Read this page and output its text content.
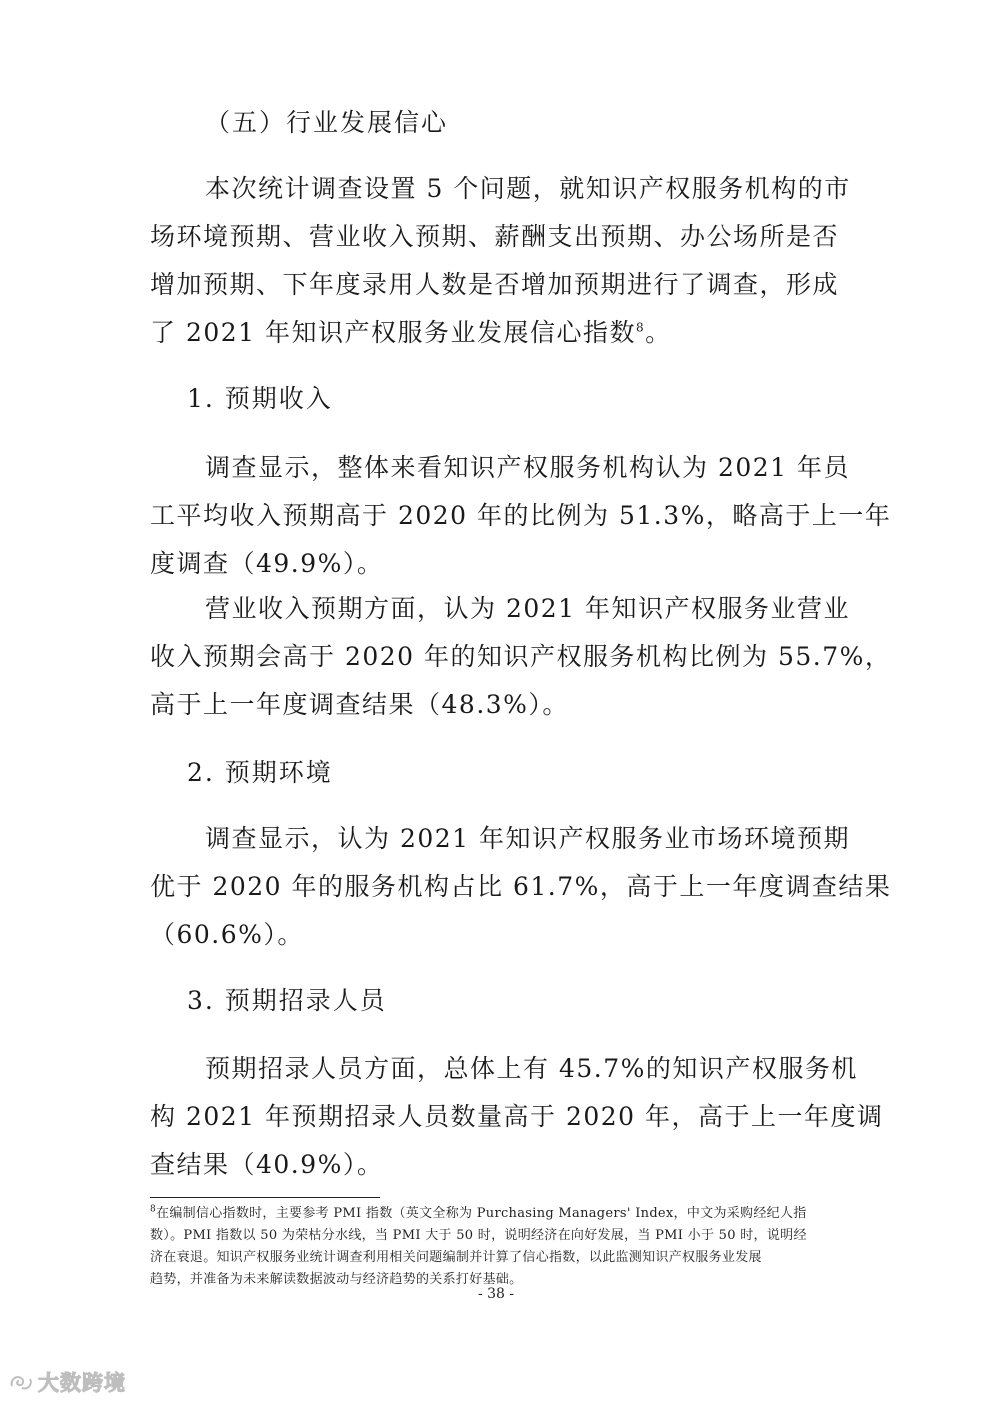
（五）行业发展信心
本次统计调查设置 5 个问题，就知识产权服务机构的市
场环境预期、营业收入预期、薪酬支出预期、办公场所是否
增加预期、下年度录用人数是否增加预期进行了调查，形成
了 2021 年知识产权服务业发展信心指数$^8$。
1. 预期收入
调查显示，整体来看知识产权服务机构认为 2021 年员
工平均收入预期高于 2020 年的比例为 51.3%，略高于上一年
度调查（49.9%）。
营业收入预期方面，认为 2021 年知识产权服务业营业
收入预期会高于 2020 年的知识产权服务机构比例为 55.7%，
高于上一年度调查结果（48.3%）。
2. 预期环境
调查显示，认为 2021 年知识产权服务业市场环境预期
优于 2020 年的服务机构占比 61.7%，高于上一年度调查结果
（60.6%）。
3. 预期招录人员
预期招录人员方面，总体上有 45.7%的知识产权服务机
构 2021 年预期招录人员数量高于 2020 年，高于上一年度调
查结果（40.9%）。
$^8$在编制信心指数时，主要参考 PMI 指数（英文全称为 Purchasing Managers' Index，中文为采购经纪人指
数）。PMI 指数以 50 为荣枯分水线，当 PMI 大于 50 时，说明经济在向好发展，当 PMI 小于 50 时，说明经
济在衰退。知识产权服务业统计调查利用相关问题编制并计算了信心指数，以此监测知识产权服务业发展
趋势，并准备为未来解读数据波动与经济趋势的关系打好基础。
- 38 -
大数跨境
